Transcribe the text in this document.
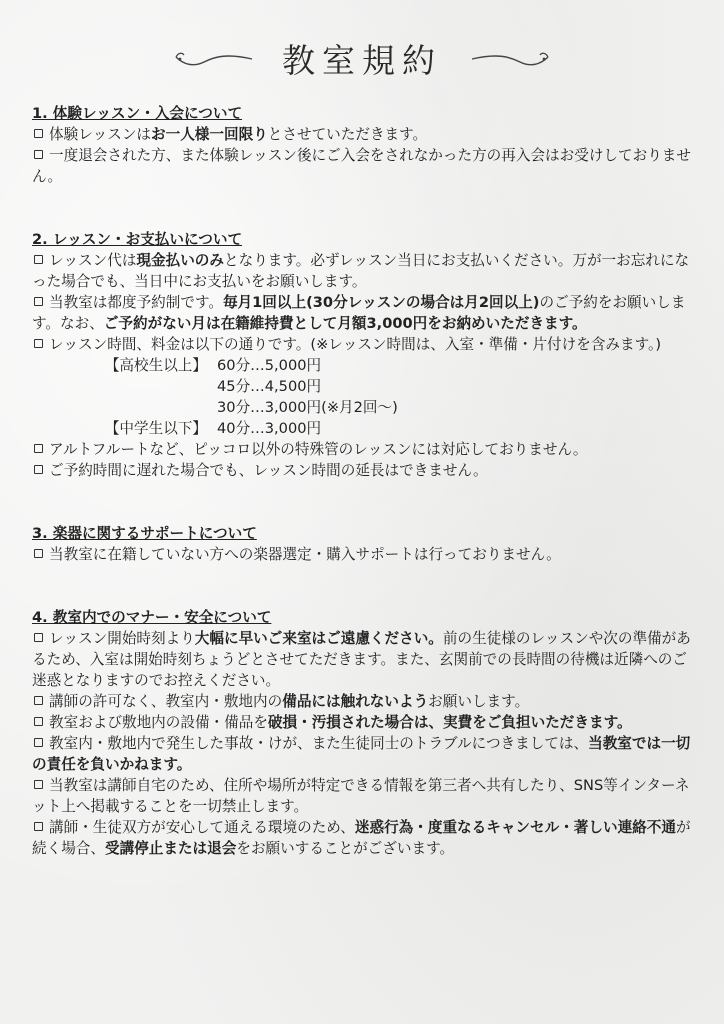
教室規約

1. 体験レッスン・入会について

体験レッスンはお一人様一回限りとさせていただきます。

一度退会された方、また体験レッスン後にご入会をされなかった方の再入会はお受けしておりません。

2. レッスン・お支払いについて

レッスン代は現金払いのみとなります。必ずレッスン当日にお支払いください。万が一お忘れになった場合でも、当日中にお支払いをお願いします。

当教室は都度予約制です。毎月1回以上(30分レッスンの場合は月2回以上)のご予約をお願いします。なお、ご予約がない月は在籍維持費として月額3,000円をお納めいただきます。

レッスン時間、料金は以下の通りです。(※レッスン時間は、入室・準備・片付けを含みます。)

【高校生以上】 60分…5,000円
45分…4,500円
30分…3,000円(※月2回〜)
【中学生以下】 40分…3,000円

アルトフルートなど、ピッコロ以外の特殊管のレッスンには対応しておりません。

ご予約時間に遅れた場合でも、レッスン時間の延長はできません。

3. 楽器に関するサポートについて

当教室に在籍していない方への楽器選定・購入サポートは行っておりません。

4. 教室内でのマナー・安全について

レッスン開始時刻より大幅に早いご来室はご遠慮ください。前の生徒様のレッスンや次の準備があるため、入室は開始時刻ちょうどとさせてただきます。また、玄関前での長時間の待機は近隣へのご迷惑となりますのでお控えください。

講師の許可なく、教室内・敷地内の備品には触れないようお願いします。

教室および敷地内の設備・備品を破損・汚損された場合は、実費をご負担いただきます。

教室内・敷地内で発生した事故・けが、また生徒同士のトラブルにつきましては、当教室では一切の責任を負いかねます。

当教室は講師自宅のため、住所や場所が特定できる情報を第三者へ共有したり、SNS等インターネット上へ掲載することを一切禁止します。

講師・生徒双方が安心して通える環境のため、迷惑行為・度重なるキャンセル・著しい連絡不通が続く場合、受講停止または退会をお願いすることがございます。
